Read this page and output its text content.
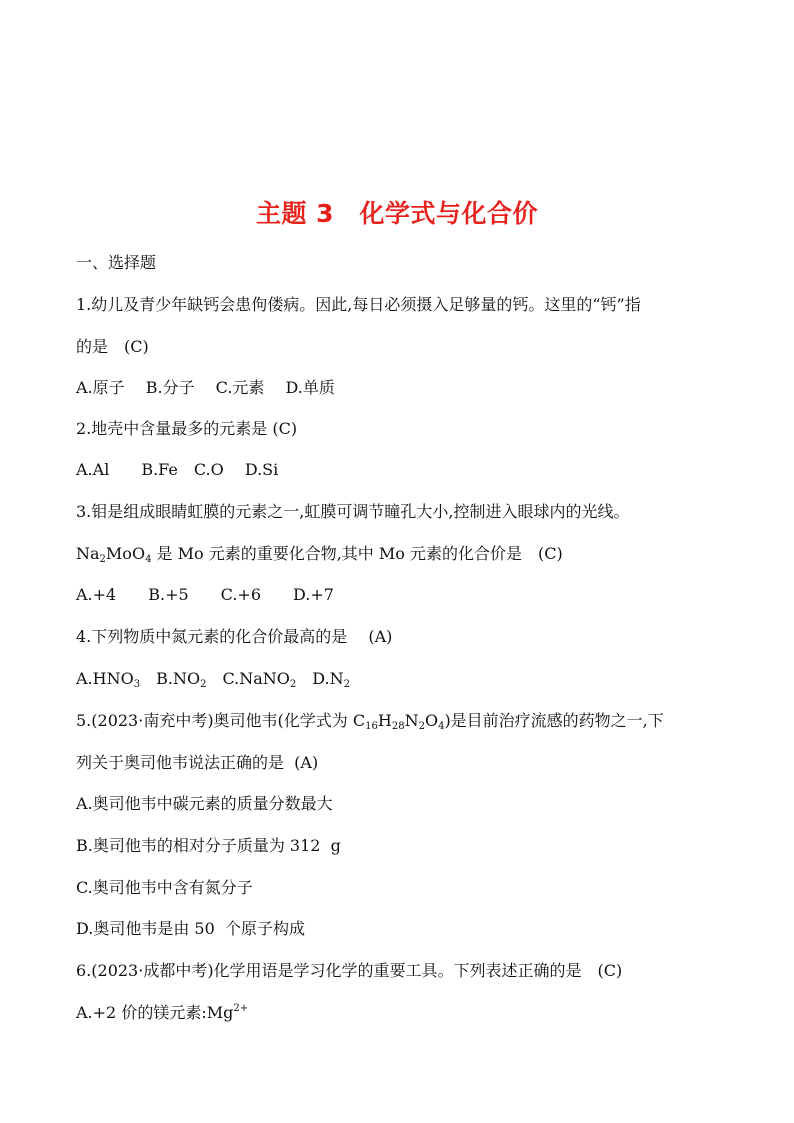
主题 3　化学式与化合价
一、选择题
1.幼儿及青少年缺钙会患佝偻病。因此,每日必须摄入足够量的钙。这里的“钙”指
的是　(C)
A.原子　 B.分子　 C.元素　 D.单质
2.地壳中含量最多的元素是 (C)
A.Al　　B.Fe　C.O　 D.Si
3.钼是组成眼睛虹膜的元素之一,虹膜可调节瞳孔大小,控制进入眼球内的光线。
$Na_2MoO_4$ 是 Mo 元素的重要化合物,其中 Mo 元素的化合价是　(C)
A.+4　　B.+5　　C.+6　　D.+7
4.下列物质中氮元素的化合价最高的是　 (A)
$A.HNO_3$　$B.NO_2$　C.NaNO$_2$　$D.N_2$
5.(2023·南充中考)奥司他韦(化学式为 $C_{16}H_{28}N_2O_4$)是目前治疗流感的药物之一,下
列关于奥司他韦说法正确的是  (A)
A.奥司他韦中碳元素的质量分数最大
B.奥司他韦的相对分子质量为 312  g
C.奥司他韦中含有氮分子
D.奥司他韦是由 50  个原子构成
6.(2023·成都中考)化学用语是学习化学的重要工具。下列表述正确的是　(C)
A.+2 价的镁元素$:Mg^{2+}$
